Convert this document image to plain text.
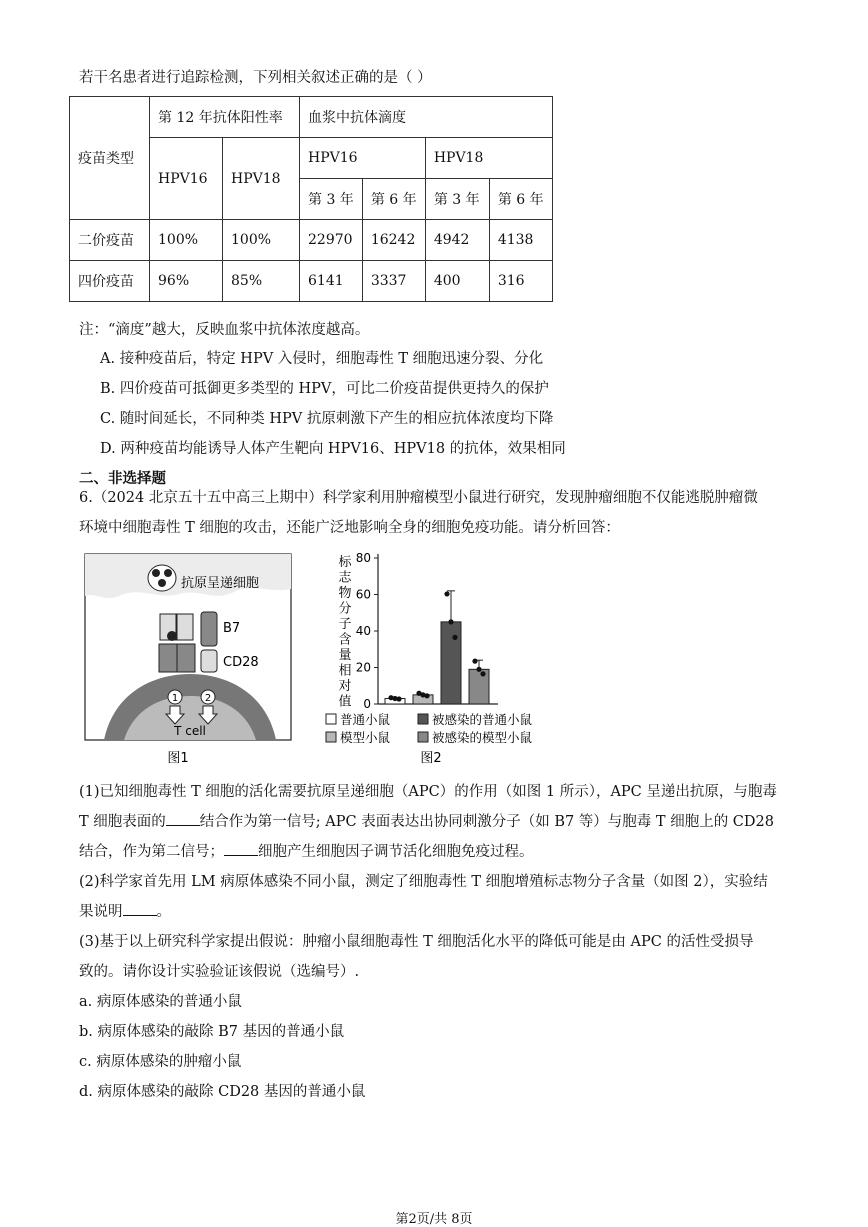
若干名患者进行追踪检测，下列相关叙述正确的是（ ）
疫苗类型	第 12 年抗体阳性率		血浆中抗体滴度			
	HPV16	HPV18	HPV16		HPV18	
			第 3 年	第 6 年	第 3 年	第 6 年
二价疫苗	100%	100%	22970	16242	4942	4138
四价疫苗	96%	85%	6141	3337	400	316
注：“滴度”越大，反映血浆中抗体浓度越高。
A. 接种疫苗后，特定 HPV 入侵时，细胞毒性 T 细胞迅速分裂、分化
B. 四价疫苗可抵御更多类型的 HPV，可比二价疫苗提供更持久的保护
C. 随时间延长，不同种类 HPV 抗原刺激下产生的相应抗体浓度均下降
D. 两种疫苗均能诱导人体产生靶向 HPV16、HPV18 的抗体，效果相同
二、非选择题
6.（2024 北京五十五中高三上期中）科学家利用肿瘤模型小鼠进行研究，发现肿瘤细胞不仅能逃脱肿瘤微
环境中细胞毒性 T 细胞的攻击，还能广泛地影响全身的细胞免疫功能。请分析回答：
抗原呈递细胞
B7
CD28
1	2
T cell
图1
标志物分子含量相对值 0
20
40
60
80
普通小鼠	被感染的普通小鼠
模型小鼠	被感染的模型小鼠
图2
(1)已知细胞毒性 T 细胞的活化需要抗原呈递细胞（APC）的作用（如图 1 所示），APC 呈递出抗原，与胞毒
T 细胞表面的 结合作为第一信号; APC 表面表达出协同刺激分子（如 B7 等）与胞毒 T 细胞上的 CD28
结合，作为第二信号； 细胞产生细胞因子调节活化细胞免疫过程。
(2)科学家首先用 LM 病原体感染不同小鼠，测定了细胞毒性 T 细胞增殖标志物分子含量（如图 2），实验结
果说明 。
(3)基于以上研究科学家提出假说：肿瘤小鼠细胞毒性 T 细胞活化水平的降低可能是由 APC 的活性受损导
致的。请你设计实验验证该假说（选编号）.
a. 病原体感染的普通小鼠
b. 病原体感染的敲除 B7 基因的普通小鼠
c. 病原体感染的肿瘤小鼠
d. 病原体感染的敲除 CD28 基因的普通小鼠
第2页/共 8页
